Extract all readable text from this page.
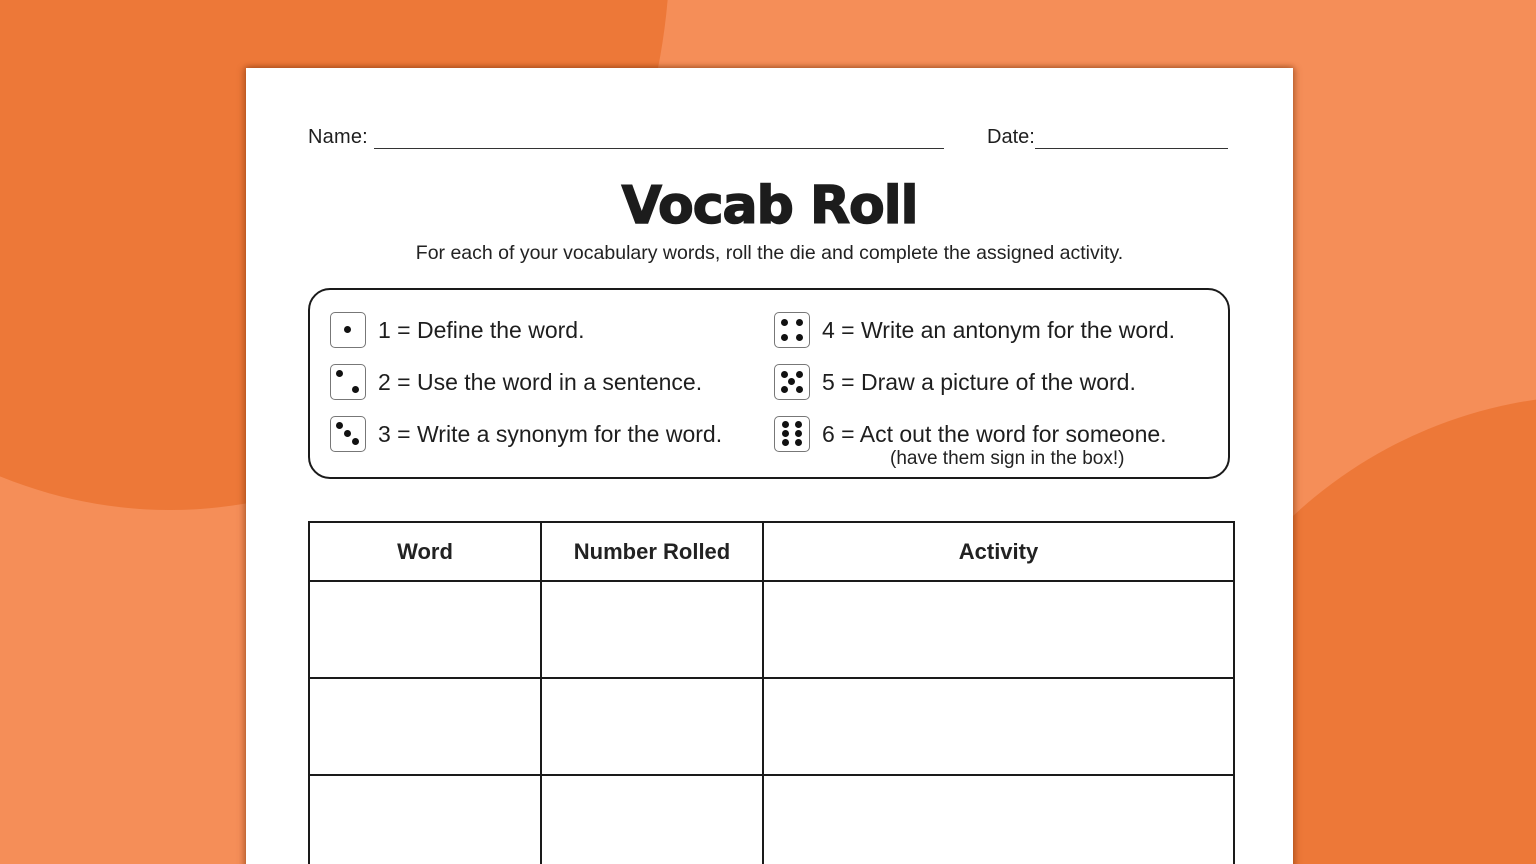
Name:	Date:
Vocab Roll
For each of your vocabulary words, roll the die and complete the assigned activity.
1 = Define the word.
2 = Use the word in a sentence.
3 = Write a synonym for the word.
4 = Write an antonym for the word.
5 = Draw a picture of the word.
6 = Act out the word for someone.
(have them sign in the box!)
Word	Number Rolled	Activity
